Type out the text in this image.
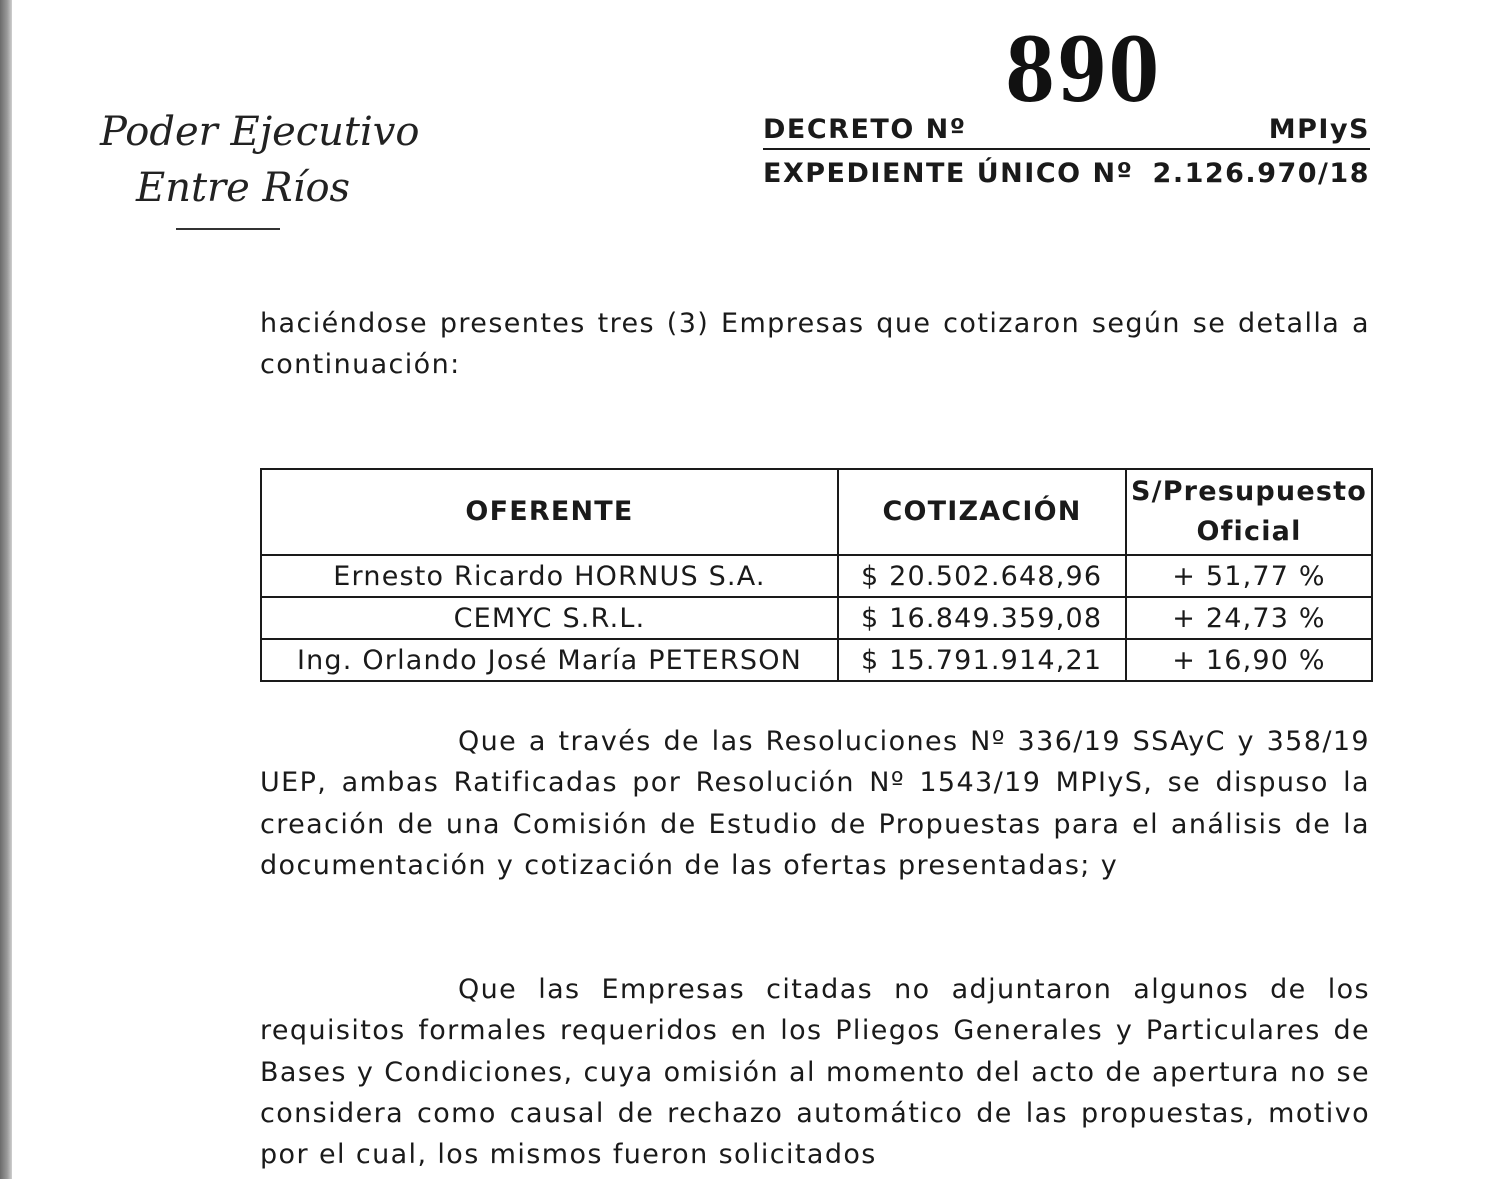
Poder Ejecutivo
Entre Ríos
890
DECRETO Nº	MPIyS
EXPEDIENTE ÚNICO Nº 2.126.970/18
haciéndose presentes tres (3) Empresas que cotizaron según se detalla a continuación:
OFERENTE	COTIZACIÓN	S/Presupuesto
Oficial
Ernesto Ricardo HORNUS S.A.	$ 20.502.648,96	+ 51,77 %
CEMYC S.R.L.	$ 16.849.359,08	+ 24,73 %
Ing. Orlando José María PETERSON	$ 15.791.914,21	+ 16,90 %
Que a través de las Resoluciones Nº 336/19 SSAyC y 358/19 UEP, ambas Ratificadas por Resolución Nº 1543/19 MPIyS, se dispuso la creación de una Comisión de Estudio de Propuestas para el análisis de la documentación y cotización de las ofertas presentadas; y
Que las Empresas citadas no adjuntaron algunos de los requisitos formales requeridos en los Pliegos Generales y Particulares de Bases y Condiciones, cuya omisión al momento del acto de apertura no se considera como causal de rechazo automático de las propuestas, motivo por el cual, los mismos fueron solicitados
